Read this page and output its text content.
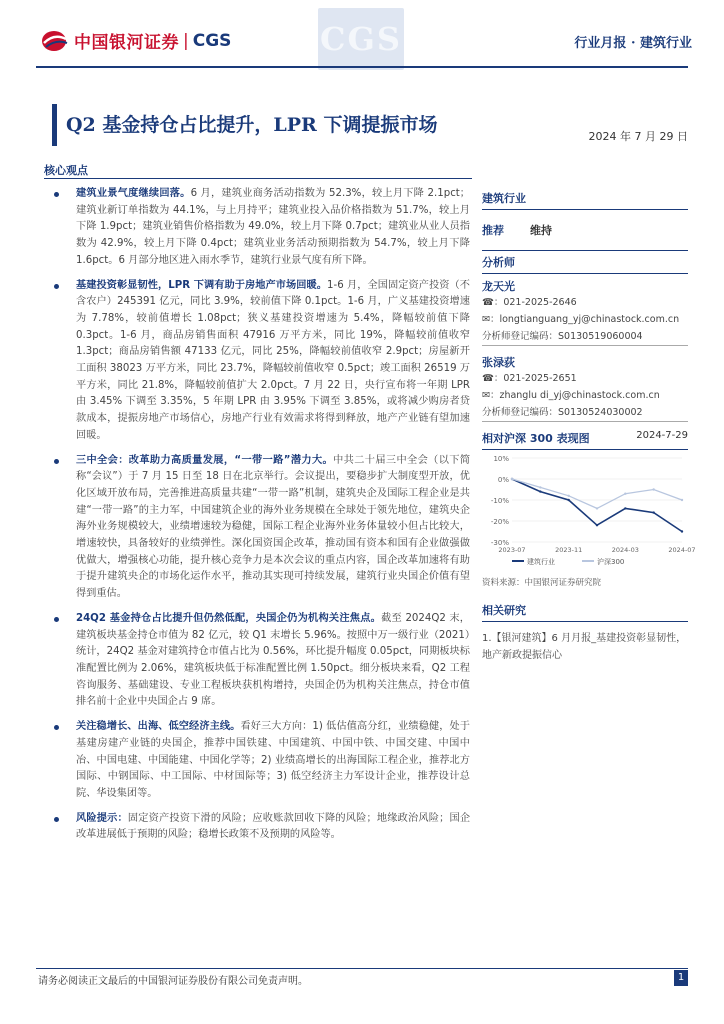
中国银河证券 | CGS	CGS	行业月报 · 建筑行业
Q2 基金持仓占比提升，LPR 下调提振市场
2024 年 7 月 29 日
核心观点
建筑业景气度继续回落。6 月，建筑业商务活动指数为 52.3%，较上月下降 2.1pct；建筑业新订单指数为 44.1%，与上月持平；建筑业投入品价格指数为 51.7%，较上月下降 1.9pct；建筑业销售价格指数为 49.0%，较上月下降 0.7pct；建筑业从业人员指数为 42.9%，较上月下降 0.4pct；建筑业业务活动预期指数为 54.7%，较上月下降 1.6pct。6 月部分地区进入雨水季节，建筑行业景气度有所下降。
基建投资彰显韧性，LPR 下调有助于房地产市场回暖。1-6 月，全国固定资产投资（不含农户）245391 亿元，同比 3.9%，较前值下降 0.1pct。1-6 月，广义基建投资增速为 7.78%，较前值增长 1.08pct；狭义基建投资增速为 5.4%，降幅较前值下降 0.3pct。1-6 月，商品房销售面积 47916 万平方米，同比 19%，降幅较前值收窄 1.3pct；商品房销售额 47133 亿元，同比 25%，降幅较前值收窄 2.9pct；房屋新开工面积 38023 万平方米，同比 23.7%，降幅较前值收窄 0.5pct；竣工面积 26519 万平方米，同比 21.8%，降幅较前值扩大 2.0pct。7 月 22 日，央行宣布将一年期 LPR 由 3.45% 下调至 3.35%，5 年期 LPR 由 3.95% 下调至 3.85%，或将减少购房者贷款成本，提振房地产市场信心，房地产行业有效需求将得到释放，地产产业链有望加速回暖。
三中全会：改革助力高质量发展，“一带一路”潜力大。中共二十届三中全会（以下简称“会议”）于 7 月 15 日至 18 日在北京举行。会议提出，要稳步扩大制度型开放，优化区域开放布局，完善推进高质量共建“一带一路”机制，建筑央企及国际工程企业是共建“一带一路”的主力军，中国建筑企业的海外业务规模在全球处于领先地位，建筑央企海外业务规模较大，业绩增速较为稳健，国际工程企业海外业务体量较小但占比较大，增速较快，具备较好的业绩弹性。深化国资国企改革，推动国有资本和国有企业做强做优做大，增强核心功能，提升核心竞争力是本次会议的重点内容，国企改革加速将有助于提升建筑央企的市场化运作水平，推动其实现可持续发展，建筑行业央国企价值有望得到重估。
24Q2 基金持仓占比提升但仍然低配，央国企仍为机构关注焦点。截至 2024Q2 末，建筑板块基金持仓市值为 82 亿元，较 Q1 末增长 5.96%。按照中万一级行业（2021）统计，24Q2 基金对建筑持仓市值占比为 0.56%，环比提升幅度 0.05pct，同期板块标准配置比例为 2.06%，建筑板块低于标准配置比例 1.50pct。细分板块来看，Q2 工程咨询服务、基础建设、专业工程板块获机构增持，央国企仍为机构关注焦点，持仓市值排名前十企业中央国企占 9 席。
关注稳增长、出海、低空经济主线。看好三大方向：1) 低估值高分红，业绩稳健，处于基建房建产业链的央国企，推荐中国铁建、中国建筑、中国中铁、中国交建、中国中冶、中国电建、中国能建、中国化学等；2) 业绩高增长的出海国际工程企业，推荐北方国际、中钢国际、中工国际、中材国际等；3) 低空经济主力军设计企业，推荐设计总院、华设集团等。
风险提示：固定资产投资下滑的风险；应收账款回收下降的风险；地缘政治风险；国企改革进展低于预期的风险；稳增长政策不及预期的风险等。
建筑行业
推荐 维持
分析师
龙天光
☎：021-2025-2646
✉：longtianguang_yj@chinastock.com.cn
分析师登记编码：S0130519060004
张渌荻
☎：021-2025-2651
✉：zhanglu di_yj@chinastock.com.cn
分析师登记编码：S0130524030002
相对沪深 300 表现图	2024-7-29
10%
0%
-10%
-20%
-30%
2023-07	2023-11	2024-03	2024-07
建筑行业	沪深300
资料来源：中国银河证券研究院
相关研究
1.【银河建筑】6 月月报_基建投资彰显韧性，地产新政提振信心
请务必阅读正文最后的中国银河证券股份有限公司免责声明。	1
